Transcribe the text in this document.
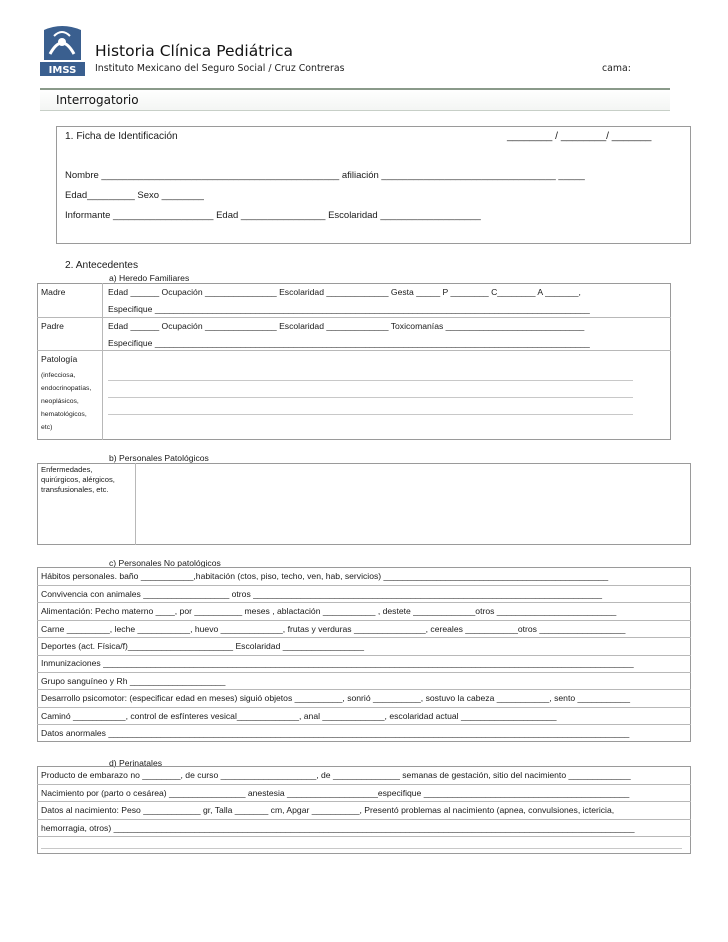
IMSS
Historia Clínica Pediátrica
Instituto Mexicano del Seguro Social / Cruz Contreras	cama:
Interrogatorio
1. Ficha de Identificación	________ / ________/ _______
Nombre _____________________________________________ afiliación _________________________________ _____
Edad_________ Sexo ________
Informante ___________________ Edad ________________ Escolaridad ___________________
2. Antecedentes
a) Heredo Familiares
Madre	Edad ______ Ocupación _______________ Escolaridad _____________ Gesta _____ P ________ C________ A _______,
Especifique ___________________________________________________________________________________________
Padre	Edad ______ Ocupación _______________ Escolaridad _____________ Toxicomanías _____________________________
Especifique ___________________________________________________________________________________________
Patología
(infecciosa,
endocrinopatías,
neoplásicos,
hematológicos,
etc)
b) Personales Patológicos
Enfermedades,
quirúrgicos, alérgicos,
transfusionales, etc.
c) Personales No patológicos
Hábitos personales. baño ___________,habitación (ctos, piso, techo, ven, hab, servicios) _______________________________________________
Convivencia con animales __________________ otros _________________________________________________________________________
Alimentación: Pecho materno ____, por __________ meses , ablactación ___________ , destete _____________otros _________________________
Carne _________, leche ___________, huevo _____________, frutas y verduras _______________, cereales ___________otros __________________
Deportes (act. Física/f)______________________ Escolaridad _________________
Inmunizaciones _______________________________________________________________________________________________________________
Grupo sanguíneo y Rh ____________________
Desarrollo psicomotor: (especificar edad en meses) siguió objetos __________, sonrió __________, sostuvo la cabeza ___________, sento ___________
Caminó ___________, control de esfínteres vesical_____________, anal _____________, escolaridad actual ____________________
Datos anormales _____________________________________________________________________________________________________________
d) Perinatales
Producto de embarazo no ________, de curso ____________________, de ______________ semanas de gestación, sitio del nacimiento _____________
Nacimiento por (parto o cesárea) ________________ anestesia ___________________especifique ___________________________________________
Datos al nacimiento: Peso ____________ gr, Talla _______ cm, Apgar __________, Presentó problemas al nacimiento (apnea, convulsiones, ictericia,
hemorragia, otros) _____________________________________________________________________________________________________________
